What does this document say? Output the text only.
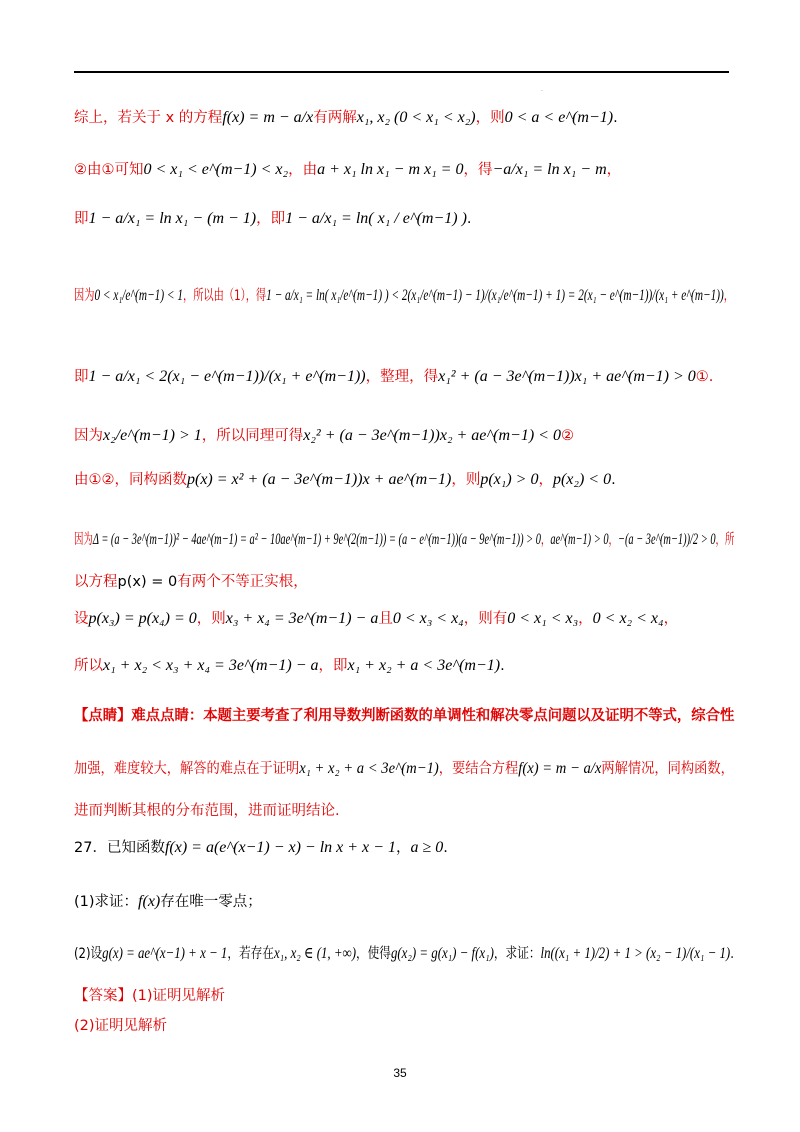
.
综上，若关于 x 的方程f(x) = m − a/x有两解x₁, x₂ (0 < x₁ < x₂)，则0 < a < e^(m−1).
②由①可知0 < x₁ < e^(m−1) < x₂，由a + x₁ ln x₁ − m x₁ = 0，得−a/x₁ = ln x₁ − m，
即1 − a/x₁ = ln x₁ − (m − 1)，即1 − a/x₁ = ln( x₁ / e^(m−1) ).
因为0 < x₁/e^(m−1) < 1，所以由（1），得1 − a/x₁ = ln( x₁/e^(m−1) ) < 2(x₁/e^(m−1) − 1)/(x₁/e^(m−1) + 1) = 2(x₁ − e^(m−1))/(x₁ + e^(m−1))，
即1 − a/x₁ < 2(x₁ − e^(m−1))/(x₁ + e^(m−1))，整理，得x₁² + (a − 3e^(m−1))x₁ + ae^(m−1) > 0①.
因为x₂/e^(m−1) > 1，所以同理可得x₂² + (a − 3e^(m−1))x₂ + ae^(m−1) < 0②
由①②，同构函数p(x) = x² + (a − 3e^(m−1))x + ae^(m−1)，则p(x₁) > 0，p(x₂) < 0.
因为Δ = (a − 3e^(m−1))² − 4ae^(m−1) = a² − 10ae^(m−1) + 9e^(2(m−1)) = (a − e^(m−1))(a − 9e^(m−1)) > 0，ae^(m−1) > 0，−(a − 3e^(m−1))/2 > 0，所
以方程p(x) = 0有两个不等正实根，
设p(x₃) = p(x₄) = 0，则x₃ + x₄ = 3e^(m−1) − a且0 < x₃ < x₄，则有0 < x₁ < x₃，0 < x₂ < x₄，
所以x₁ + x₂ < x₃ + x₄ = 3e^(m−1) − a，即x₁ + x₂ + a < 3e^(m−1).
【点睛】难点点睛：本题主要考查了利用导数判断函数的单调性和解决零点问题以及证明不等式，综合性
加强，难度较大，解答的难点在于证明x₁ + x₂ + a < 3e^(m−1)，要结合方程f(x) = m − a/x两解情况，同构函数，
进而判断其根的分布范围，进而证明结论.
27．已知函数f(x) = a(e^(x−1) − x) − ln x + x − 1，a ≥ 0.
(1)求证：f(x)存在唯一零点；
(2)设g(x) = ae^(x−1) + x − 1，若存在x₁, x₂ ∈ (1, +∞)，使得g(x₂) = g(x₁) − f(x₁)，求证：ln((x₁ + 1)/2) + 1 > (x₂ − 1)/(x₁ − 1).
【答案】(1)证明见解析
(2)证明见解析
35
